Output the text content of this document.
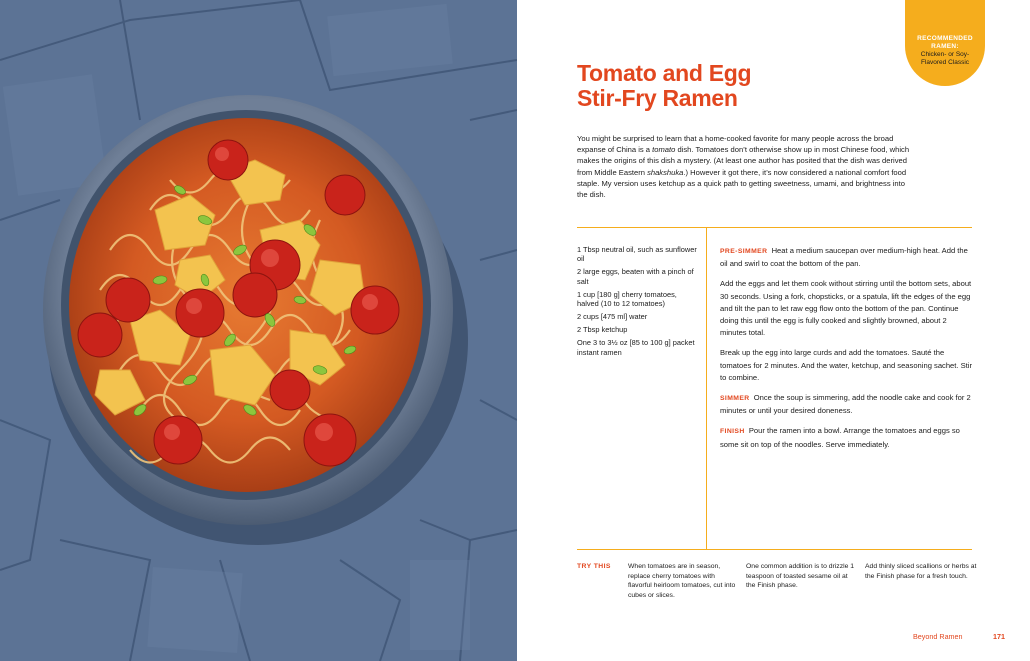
RECOMMENDED RAMEN:
Chicken- or Soy-Flavored Classic
Tomato and Egg
Stir-Fry Ramen

You might be surprised to learn that a home-cooked favorite for many people across the broad expanse of China is a tomato dish. Tomatoes don’t otherwise show up in most Chinese food, which makes the origins of this dish a mystery. (At least one author has posited that the dish was derived from Middle Eastern shakshuka.) However it got there, it’s now considered a national comfort food staple. My version uses ketchup as a quick path to getting sweetness, umami, and brightness into the dish.

1 Tbsp neutral oil, such as sunflower oil
2 large eggs, beaten with a pinch of salt
1 cup [180 g] cherry tomatoes, halved (10 to 12 tomatoes)
2 cups [475 ml] water
2 Tbsp ketchup
One 3 to 3½ oz [85 to 100 g] packet instant ramen

PRE-SIMMER Heat a medium saucepan over medium-high heat. Add the oil and swirl to coat the bottom of the pan.

Add the eggs and let them cook without stirring until the bottom sets, about 30 seconds. Using a fork, chopsticks, or a spatula, lift the edges of the egg and tilt the pan to let raw egg flow onto the bottom of the pan. Continue doing this until the egg is fully cooked and slightly browned, about 2 minutes total.

Break up the egg into large curds and add the tomatoes. Sauté the tomatoes for 2 minutes. And the water, ketchup, and seasoning sachet. Stir to combine.

SIMMER Once the soup is simmering, add the noodle cake and cook for 2 minutes or until your desired doneness.

FINISH Pour the ramen into a bowl. Arrange the tomatoes and eggs so some sit on top of the noodles. Serve immediately.

TRY THIS	When tomatoes are in season, replace cherry tomatoes with flavorful heirloom tomatoes, cut into cubes or slices.

One common addition is to drizzle 1 teaspoon of toasted sesame oil at the Finish phase.

Add thinly sliced scallions or herbs at the Finish phase for a fresh touch.

Beyond Ramen	171
